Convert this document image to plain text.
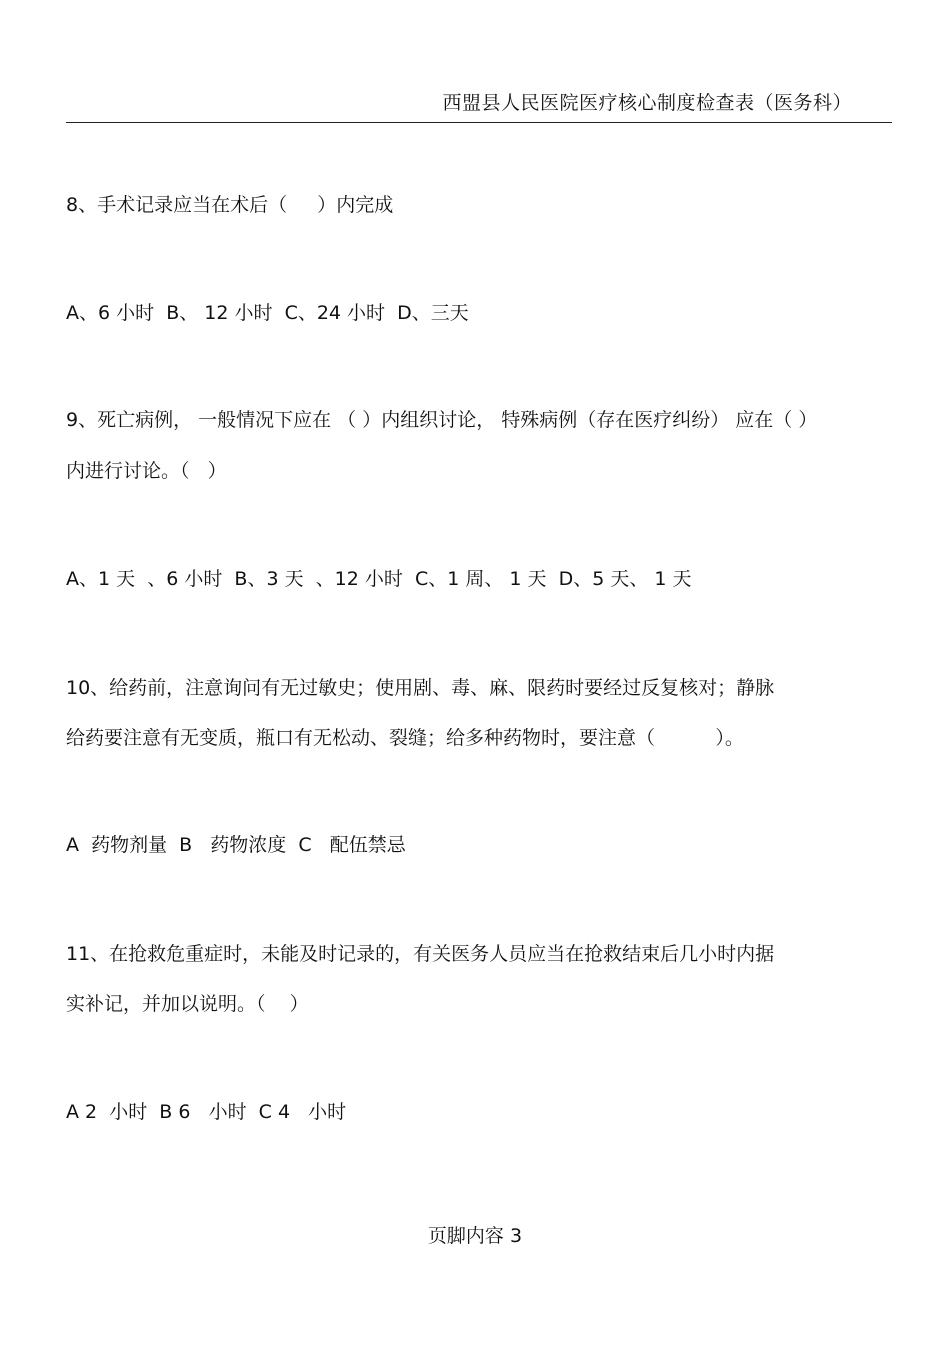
西盟县人民医院医疗核心制度检查表（医务科）
8、手术记录应当在术后（     ）内完成
A、6 小时  B、 12 小时  C、24 小时  D、三天
9、死亡病例， 一般情况下应在 （ ）内组织讨论， 特殊病例（存在医疗纠纷） 应在（ ）
内进行讨论。（   ）
A、1 天  、6 小时  B、3 天  、12 小时  C、1 周、 1 天  D、5 天、 1 天
10、给药前，注意询问有无过敏史；使用剧、毒、麻、限药时要经过反复核对；静脉
给药要注意有无变质，瓶口有无松动、裂缝；给多种药物时，要注意（          ）。
A  药物剂量  B   药物浓度  C   配伍禁忌
11、在抢救危重症时，未能及时记录的，有关医务人员应当在抢救结束后几小时内据
实补记，并加以说明。（    ）
A 2  小时  B 6   小时  C 4   小时
页脚内容 3
